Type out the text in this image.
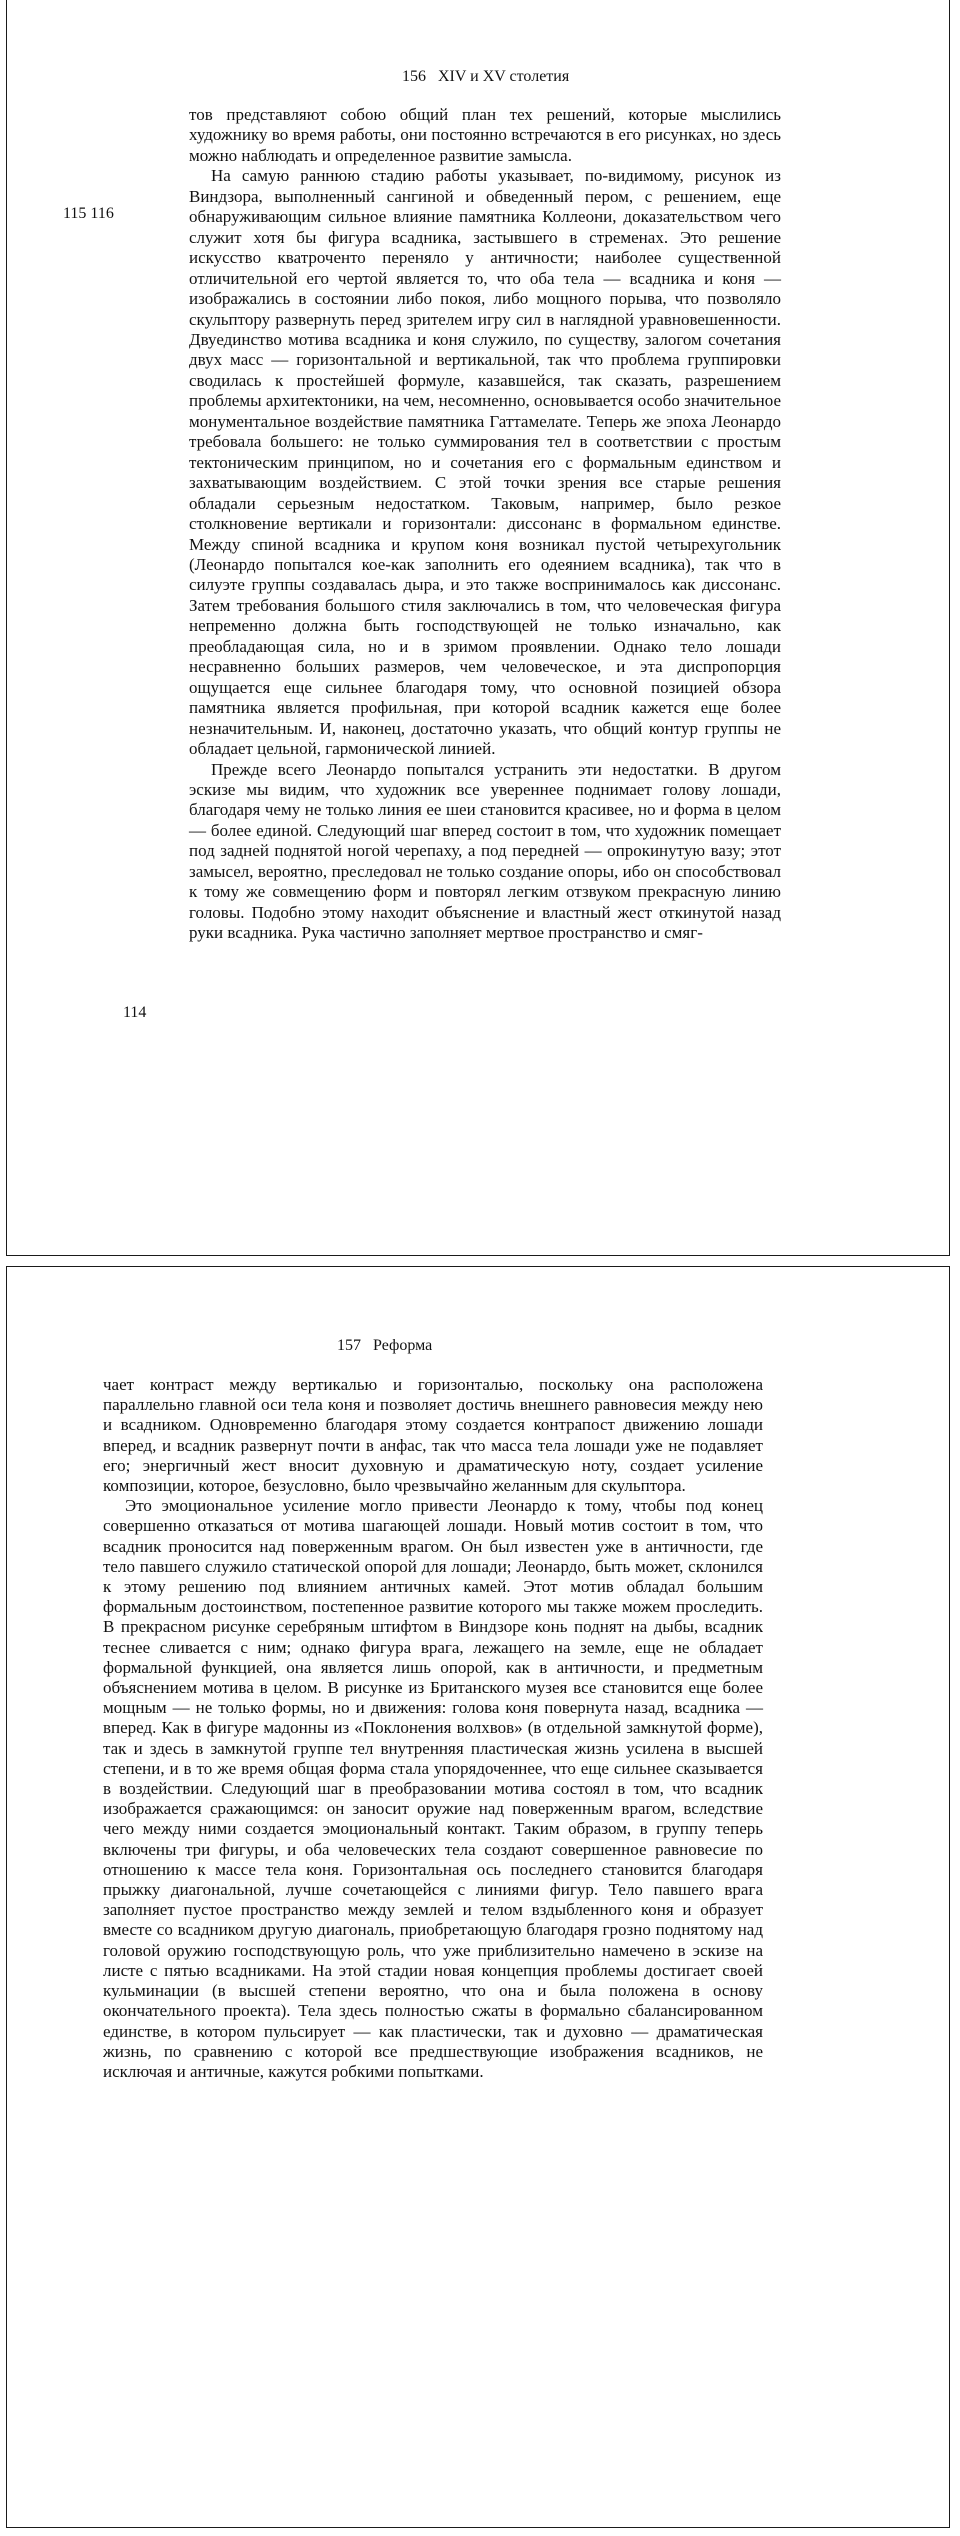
156 XIV и XV столетия
115 116
114

тов представляют собою общий план тех решений, которые мыслились художнику во время работы, они постоянно встречаются в его рисунках, но здесь можно наблюдать и определенное развитие замысла.

На самую раннюю стадию работы указывает, по-видимому, рисунок из Виндзора, выполненный сангиной и обведенный пером, с решением, еще обнаруживающим сильное влияние памятника Коллеони, доказательством чего служит хотя бы фигура всадника, застывшего в стременах. Это решение искусство кватроченто переняло у античности; наиболее существенной отличительной его чертой является то, что оба тела — всадника и коня — изображались в состоянии либо покоя, либо мощного порыва, что позволяло скульптору развернуть перед зрителем игру сил в наглядной уравновешенности. Двуединство мотива всадника и коня служило, по существу, залогом сочетания двух масс — горизонтальной и вертикальной, так что проблема группировки сводилась к простейшей формуле, казавшейся, так сказать, разрешением проблемы архитектоники, на чем, несомненно, основывается особо значительное монументальное воздействие памятника Гаттамелате. Теперь же эпоха Леонардо требовала большего: не только суммирования тел в соответствии с простым тектоническим принципом, но и сочетания его с формальным единством и захватывающим воздействием. С этой точки зрения все старые решения обладали серьезным недостатком. Таковым, например, было резкое столкновение вертикали и горизонтали: диссонанс в формальном единстве. Между спиной всадника и крупом коня возникал пустой четырехугольник (Леонардо попытался кое-как заполнить его одеянием всадника), так что в силуэте группы создавалась дыра, и это также воспринималось как диссонанс. Затем требования большого стиля заключались в том, что человеческая фигура непременно должна быть господствующей не только изначально, как преобладающая сила, но и в зримом проявлении. Однако тело лошади несравненно больших размеров, чем человеческое, и эта диспропорция ощущается еще сильнее благодаря тому, что основной позицией обзора памятника является профильная, при которой всадник кажется еще более незначительным. И, наконец, достаточно указать, что общий контур группы не обладает цельной, гармонической линией.

Прежде всего Леонардо попытался устранить эти недостатки. В другом эскизе мы видим, что художник все увереннее поднимает голову лошади, благодаря чему не только линия ее шеи становится красивее, но и форма в целом — более единой. Следующий шаг вперед состоит в том, что художник помещает под задней поднятой ногой черепаху, а под передней — опрокинутую вазу; этот замысел, вероятно, преследовал не только создание опоры, ибо он способствовал к тому же совмещению форм и повторял легким отзвуком прекрасную линию головы. Подобно этому находит объяснение и властный жест откинутой назад руки всадника. Рука частично заполняет мертвое пространство и смяг-

157 Реформа

чает контраст между вертикалью и горизонталью, поскольку она расположена параллельно главной оси тела коня и позволяет достичь внешнего равновесия между нею и всадником. Одновременно благодаря этому создается контрапост движению лошади вперед, и всадник развернут почти в анфас, так что масса тела лошади уже не подавляет его; энергичный жест вносит духовную и драматическую ноту, создает усиление композиции, которое, безусловно, было чрезвычайно желанным для скульптора.

Это эмоциональное усиление могло привести Леонардо к тому, чтобы под конец совершенно отказаться от мотива шагающей лошади. Новый мотив состоит в том, что всадник проносится над поверженным врагом. Он был известен уже в античности, где тело павшего служило статической опорой для лошади; Леонардо, быть может, склонился к этому решению под влиянием античных камей. Этот мотив обладал большим формальным достоинством, постепенное развитие которого мы также можем проследить. В прекрасном рисунке серебряным штифтом в Виндзоре конь поднят на дыбы, всадник теснее сливается с ним; однако фигура врага, лежащего на земле, еще не обладает формальной функцией, она является лишь опорой, как в античности, и предметным объяснением мотива в целом. В рисунке из Британского музея все становится еще более мощным — не только формы, но и движения: голова коня повернута назад, всадника — вперед. Как в фигуре мадонны из «Поклонения волхвов» (в отдельной замкнутой форме), так и здесь в замкнутой группе тел внутренняя пластическая жизнь усилена в высшей степени, и в то же время общая форма стала упорядоченнее, что еще сильнее сказывается в воздействии. Следующий шаг в преобразовании мотива состоял в том, что всадник изображается сражающимся: он заносит оружие над поверженным врагом, вследствие чего между ними создается эмоциональный контакт. Таким образом, в группу теперь включены три фигуры, и оба человеческих тела создают совершенное равновесие по отношению к массе тела коня. Горизонтальная ось последнего становится благодаря прыжку диагональной, лучше сочетающейся с линиями фигур. Тело павшего врага заполняет пустое пространство между землей и телом вздыбленного коня и образует вместе со всадником другую диагональ, приобретающую благодаря грозно поднятому над головой оружию господствующую роль, что уже приблизительно намечено в эскизе на листе с пятью всадниками. На этой стадии новая концепция проблемы достигает своей кульминации (в высшей степени вероятно, что она и была положена в основу окончательного проекта). Тела здесь полностью сжаты в формально сбалансированном единстве, в котором пульсирует — как пластически, так и духовно — драматическая жизнь, по сравнению с которой все предшествующие изображения всадников, не исключая и античные, кажутся робкими попытками.
